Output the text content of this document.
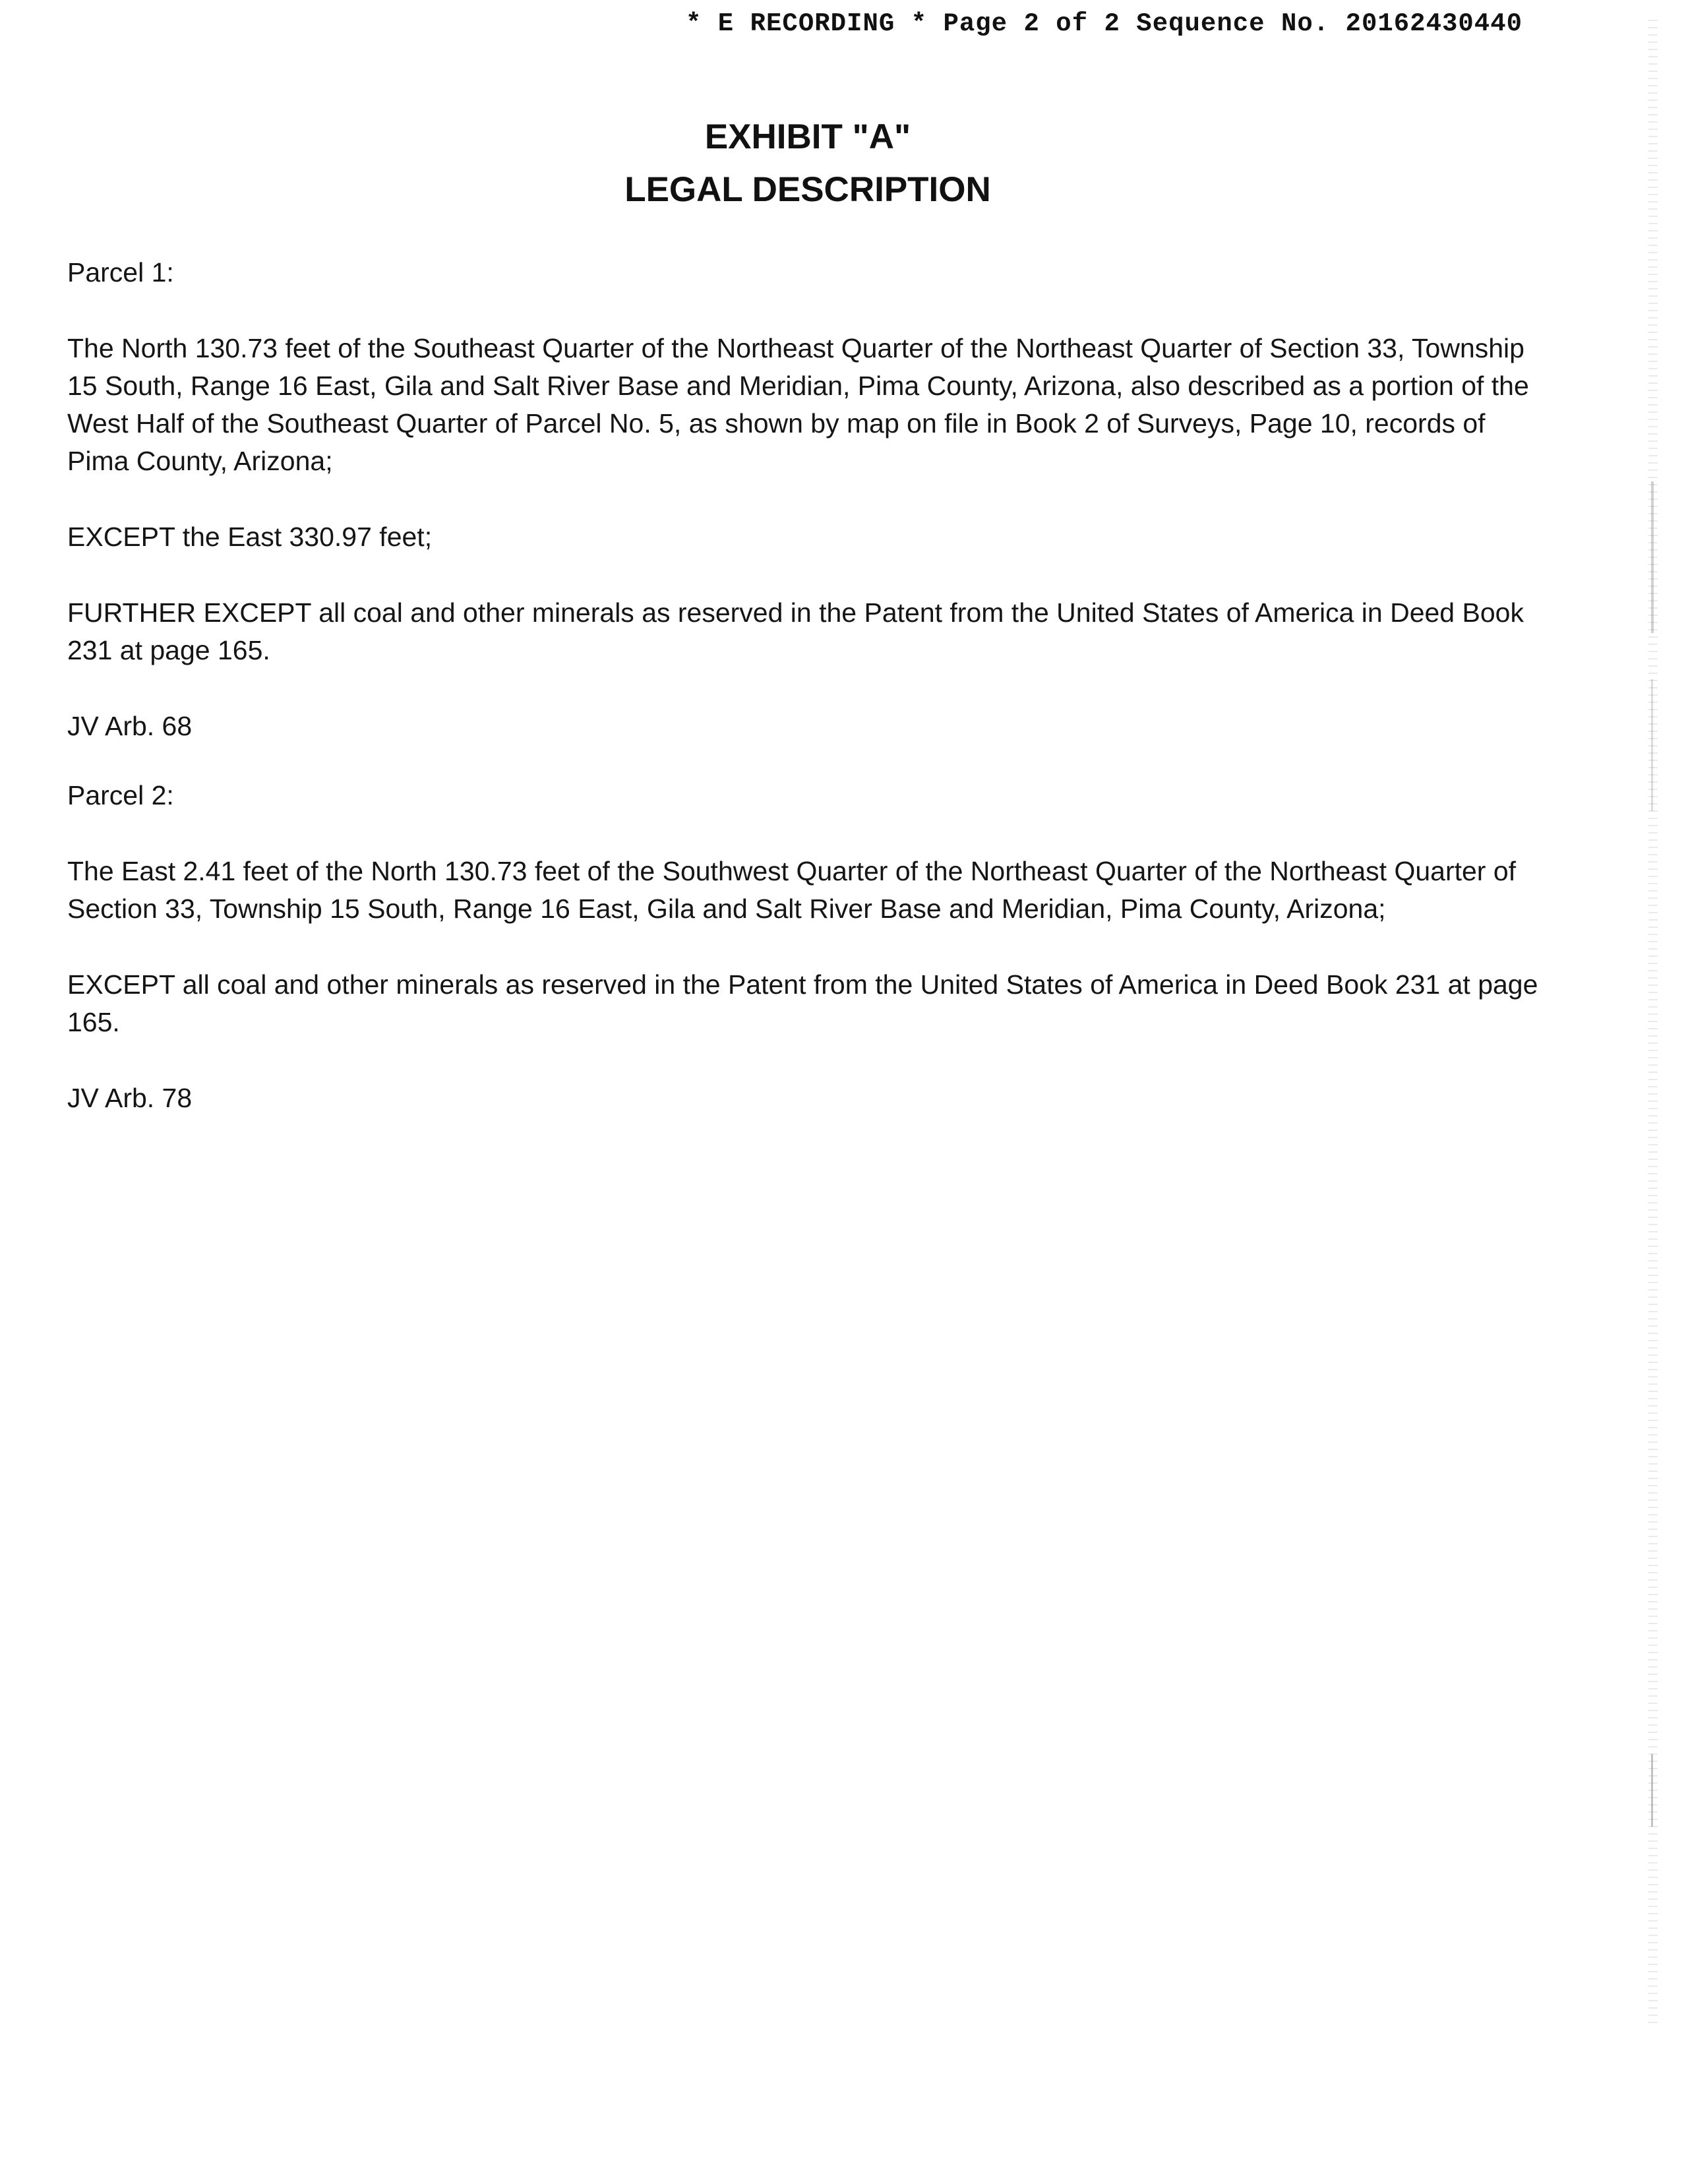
* E RECORDING * Page 2 of 2 Sequence No. 20162430440
EXHIBIT "A"
LEGAL DESCRIPTION

Parcel 1:

The North 130.73 feet of the Southeast Quarter of the Northeast Quarter of the Northeast Quarter of Section 33, Township 15 South, Range 16 East, Gila and Salt River Base and Meridian, Pima County, Arizona, also described as a portion of the West Half of the Southeast Quarter of Parcel No. 5, as shown by map on file in Book 2 of Surveys, Page 10, records of Pima County, Arizona;

EXCEPT the East 330.97 feet;

FURTHER EXCEPT all coal and other minerals as reserved in the Patent from the United States of America in Deed Book 231 at page 165.

JV Arb. 68

Parcel 2:

The East 2.41 feet of the North 130.73 feet of the Southwest Quarter of the Northeast Quarter of the Northeast Quarter of Section 33, Township 15 South, Range 16 East, Gila and Salt River Base and Meridian, Pima County, Arizona;

EXCEPT all coal and other minerals as reserved in the Patent from the United States of America in Deed Book 231 at page 165.

JV Arb. 78
